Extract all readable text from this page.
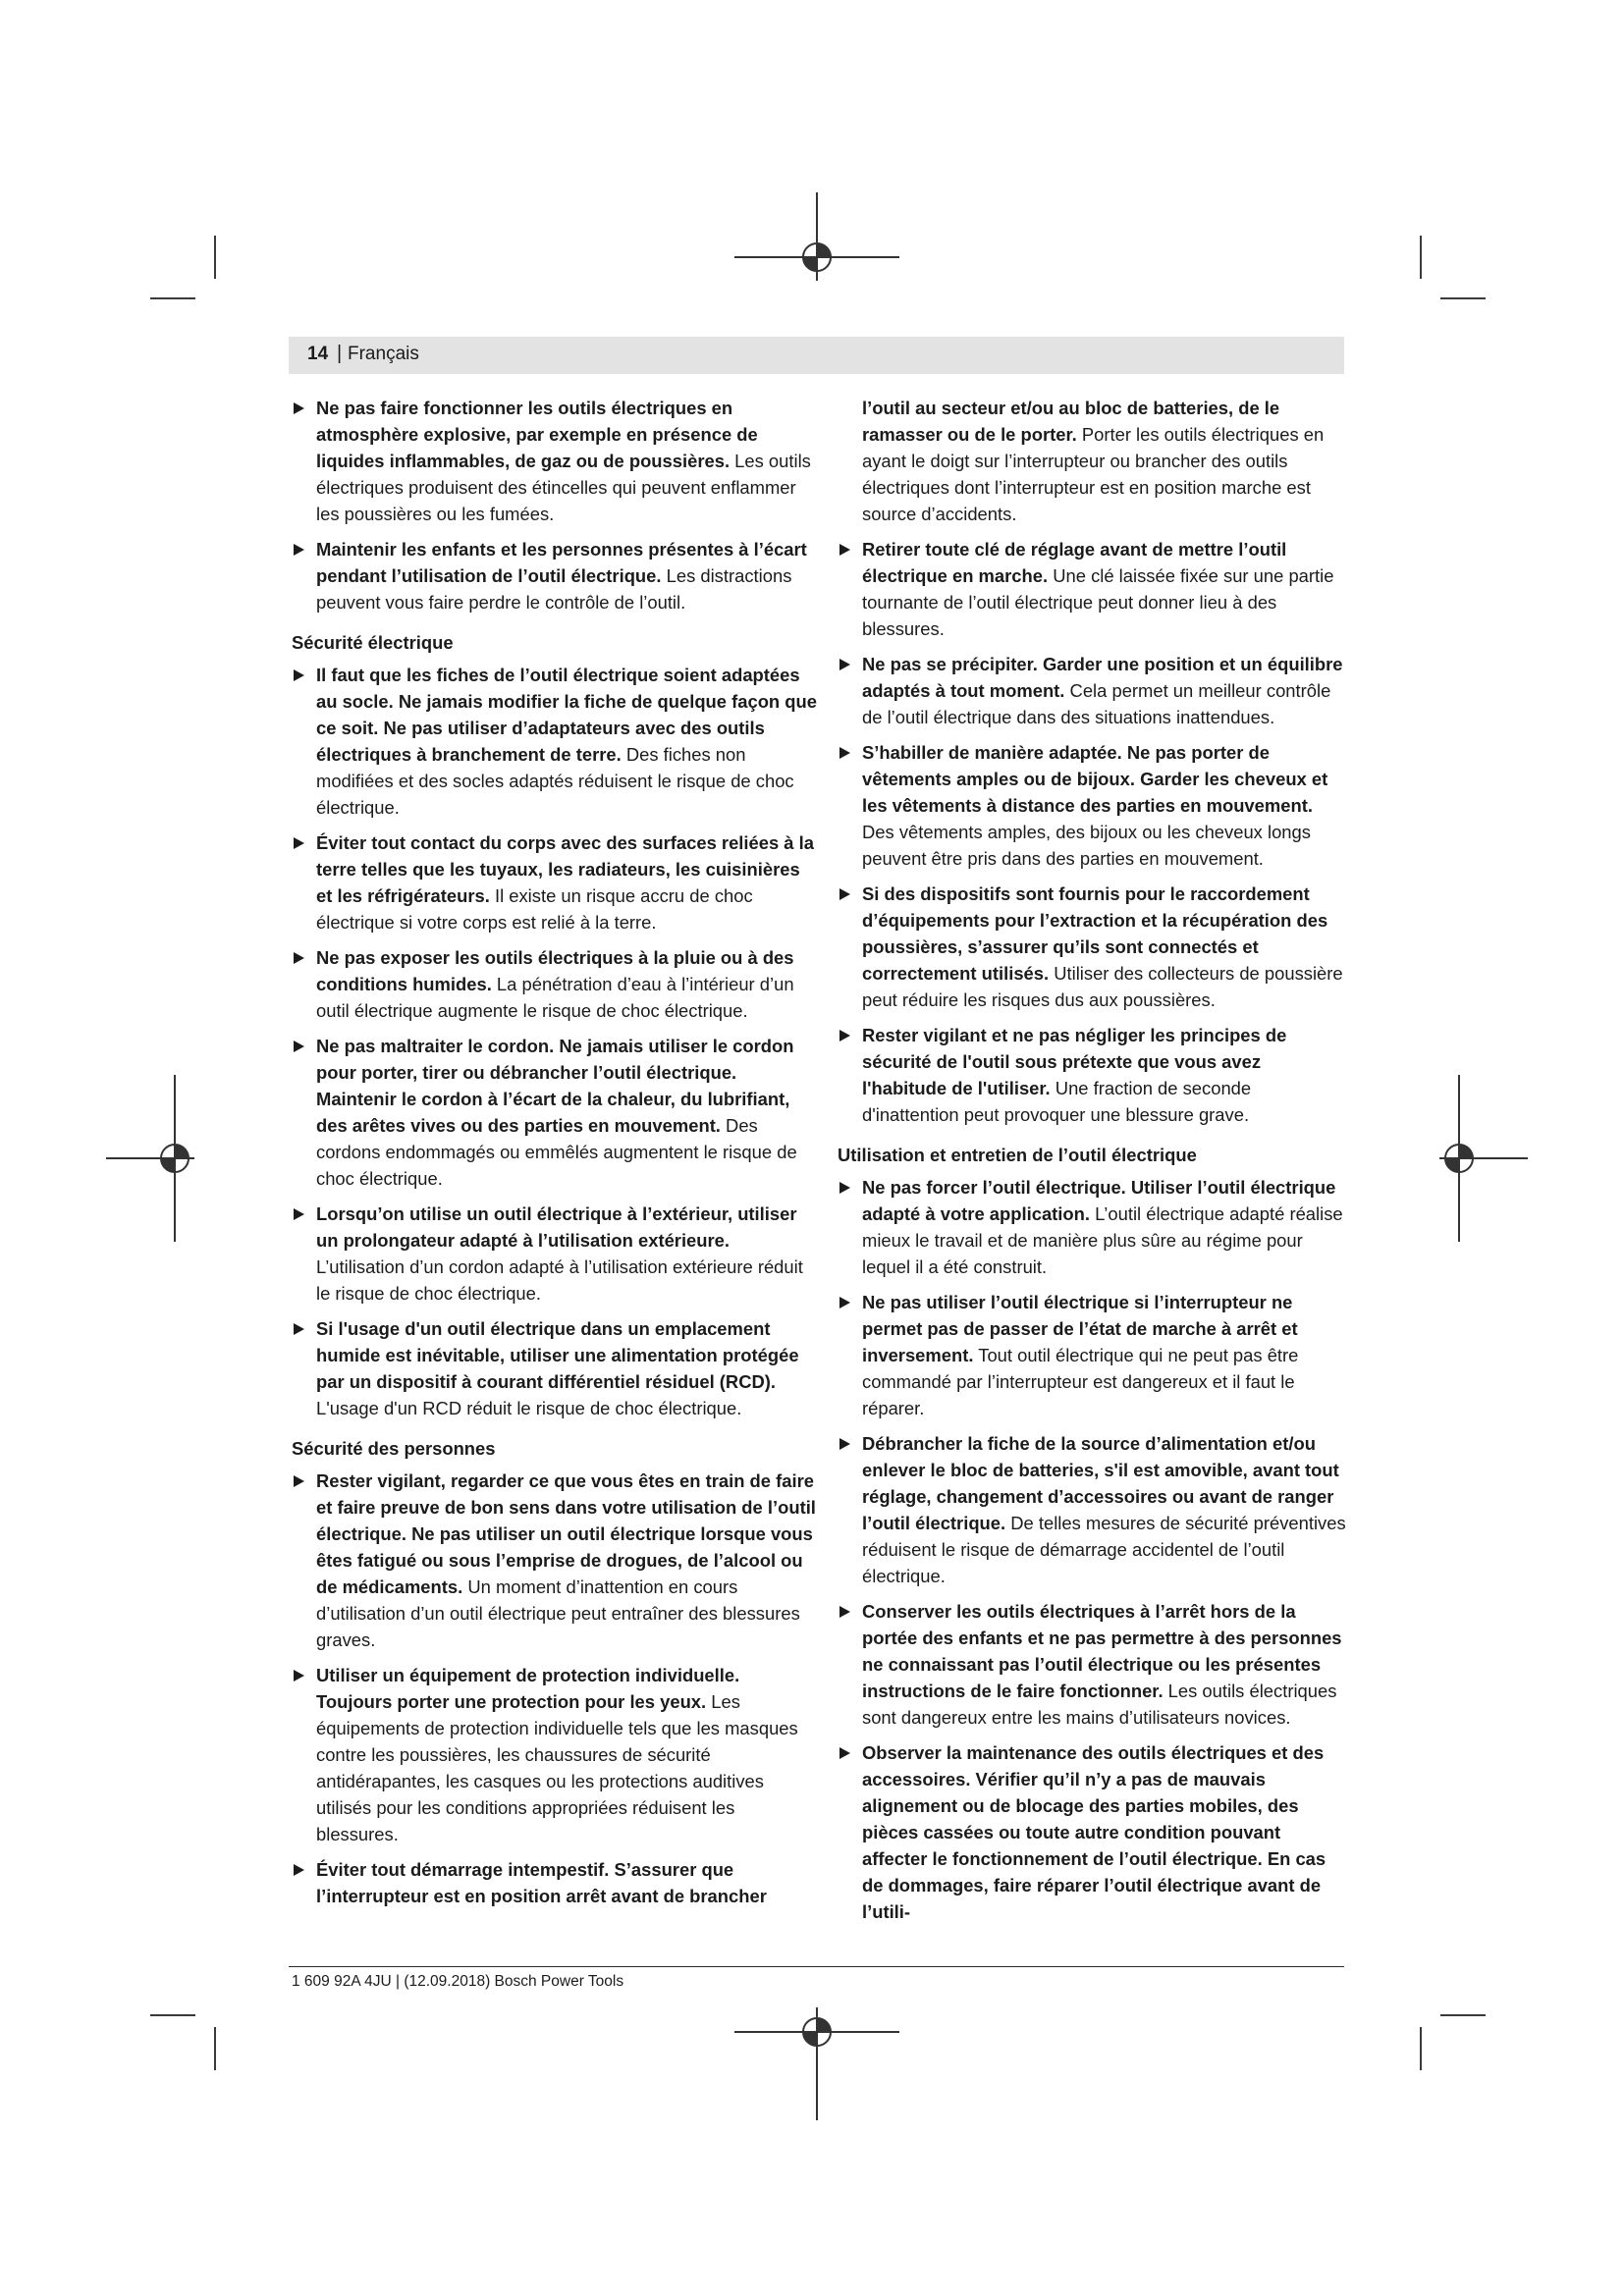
14 | Français
Ne pas faire fonctionner les outils électriques en atmosphère explosive, par exemple en présence de liquides inflammables, de gaz ou de poussières. Les outils électriques produisent des étincelles qui peuvent enflammer les poussières ou les fumées.
Maintenir les enfants et les personnes présentes à l’écart pendant l’utilisation de l’outil électrique. Les distractions peuvent vous faire perdre le contrôle de l’outil.
Sécurité électrique
Il faut que les fiches de l’outil électrique soient adaptées au socle. Ne jamais modifier la fiche de quelque façon que ce soit. Ne pas utiliser d’adaptateurs avec des outils électriques à branchement de terre. Des fiches non modifiées et des socles adaptés réduisent le risque de choc électrique.
Éviter tout contact du corps avec des surfaces reliées à la terre telles que les tuyaux, les radiateurs, les cuisinières et les réfrigérateurs. Il existe un risque accru de choc électrique si votre corps est relié à la terre.
Ne pas exposer les outils électriques à la pluie ou à des conditions humides. La pénétration d’eau à l’intérieur d’un outil électrique augmente le risque de choc électrique.
Ne pas maltraiter le cordon. Ne jamais utiliser le cordon pour porter, tirer ou débrancher l’outil électrique. Maintenir le cordon à l’écart de la chaleur, du lubrifiant, des arêtes vives ou des parties en mouvement. Des cordons endommagés ou emmêlés augmentent le risque de choc électrique.
Lorsqu’on utilise un outil électrique à l’extérieur, utiliser un prolongateur adapté à l’utilisation extérieure. L’utilisation d’un cordon adapté à l’utilisation extérieure réduit le risque de choc électrique.
Si l'usage d'un outil électrique dans un emplacement humide est inévitable, utiliser une alimentation protégée par un dispositif à courant différentiel résiduel (RCD). L'usage d'un RCD réduit le risque de choc électrique.
Sécurité des personnes
Rester vigilant, regarder ce que vous êtes en train de faire et faire preuve de bon sens dans votre utilisation de l’outil électrique. Ne pas utiliser un outil électrique lorsque vous êtes fatigué ou sous l’emprise de drogues, de l’alcool ou de médicaments. Un moment d’inattention en cours d’utilisation d’un outil électrique peut entraîner des blessures graves.
Utiliser un équipement de protection individuelle. Toujours porter une protection pour les yeux. Les équipements de protection individuelle tels que les masques contre les poussières, les chaussures de sécurité antidérapantes, les casques ou les protections auditives utilisés pour les conditions appropriées réduisent les blessures.
Éviter tout démarrage intempestif. S’assurer que l’interrupteur est en position arrêt avant de brancher
l’outil au secteur et/ou au bloc de batteries, de le ramasser ou de le porter. Porter les outils électriques en ayant le doigt sur l’interrupteur ou brancher des outils électriques dont l’interrupteur est en position marche est source d’accidents.
Retirer toute clé de réglage avant de mettre l’outil électrique en marche. Une clé laissée fixée sur une partie tournante de l’outil électrique peut donner lieu à des blessures.
Ne pas se précipiter. Garder une position et un équilibre adaptés à tout moment. Cela permet un meilleur contrôle de l’outil électrique dans des situations inattendues.
S’habiller de manière adaptée. Ne pas porter de vêtements amples ou de bijoux. Garder les cheveux et les vêtements à distance des parties en mouvement. Des vêtements amples, des bijoux ou les cheveux longs peuvent être pris dans des parties en mouvement.
Si des dispositifs sont fournis pour le raccordement d’équipements pour l’extraction et la récupération des poussières, s’assurer qu’ils sont connectés et correctement utilisés. Utiliser des collecteurs de poussière peut réduire les risques dus aux poussières.
Rester vigilant et ne pas négliger les principes de sécurité de l'outil sous prétexte que vous avez l'habitude de l'utiliser. Une fraction de seconde d'inattention peut provoquer une blessure grave.
Utilisation et entretien de l’outil électrique
Ne pas forcer l’outil électrique. Utiliser l’outil électrique adapté à votre application. L’outil électrique adapté réalise mieux le travail et de manière plus sûre au régime pour lequel il a été construit.
Ne pas utiliser l’outil électrique si l’interrupteur ne permet pas de passer de l’état de marche à arrêt et inversement. Tout outil électrique qui ne peut pas être commandé par l’interrupteur est dangereux et il faut le réparer.
Débrancher la fiche de la source d’alimentation et/ou enlever le bloc de batteries, s'il est amovible, avant tout réglage, changement d’accessoires ou avant de ranger l’outil électrique. De telles mesures de sécurité préventives réduisent le risque de démarrage accidentel de l’outil électrique.
Conserver les outils électriques à l’arrêt hors de la portée des enfants et ne pas permettre à des personnes ne connaissant pas l’outil électrique ou les présentes instructions de le faire fonctionner. Les outils électriques sont dangereux entre les mains d’utilisateurs novices.
Observer la maintenance des outils électriques et des accessoires. Vérifier qu’il n’y a pas de mauvais alignement ou de blocage des parties mobiles, des pièces cassées ou toute autre condition pouvant affecter le fonctionnement de l’outil électrique. En cas de dommages, faire réparer l’outil électrique avant de l’utili-
1 609 92A 4JU | (12.09.2018) Bosch Power Tools
